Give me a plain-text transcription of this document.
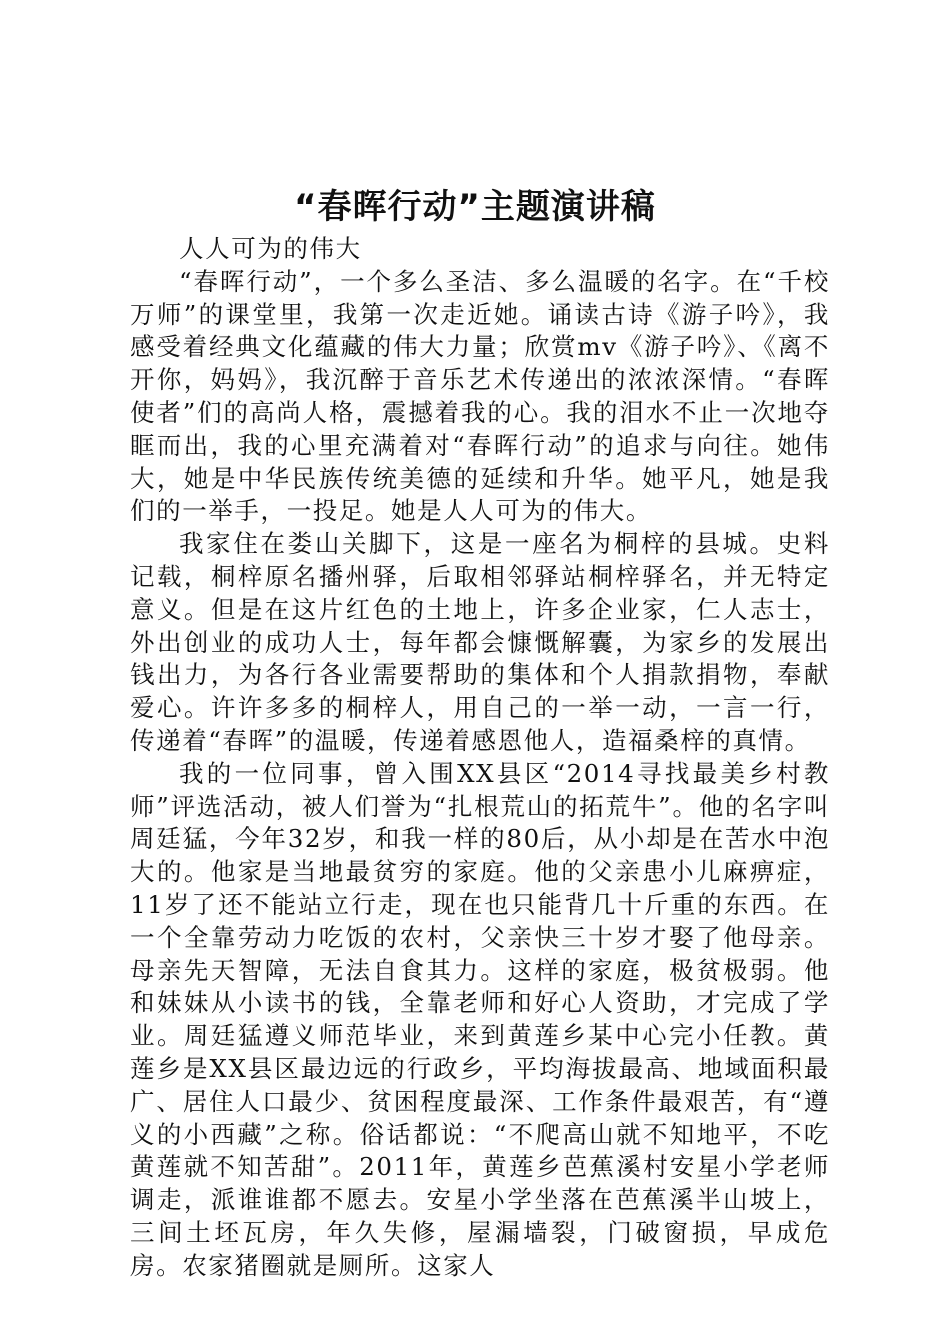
“春晖行动”主题演讲稿

人人可为的伟大

“春晖行动”，一个多么圣洁、多么温暖的名字。在“千校万师”的课堂里，我第一次走近她。诵读古诗《游子吟》，我感受着经典文化蕴藏的伟大力量；欣赏mv《游子吟》、《离不开你，妈妈》，我沉醉于音乐艺术传递出的浓浓深情。“春晖使者”们的高尚人格，震撼着我的心。我的泪水不止一次地夺眶而出，我的心里充满着对“春晖行动”的追求与向往。她伟大，她是中华民族传统美德的延续和升华。她平凡，她是我们的一举手，一投足。她是人人可为的伟大。

我家住在娄山关脚下，这是一座名为桐梓的县城。史料记载，桐梓原名播州驿，后取相邻驿站桐梓驿名，并无特定意义。但是在这片红色的土地上，许多企业家，仁人志士，外出创业的成功人士，每年都会慷慨解囊，为家乡的发展出钱出力，为各行各业需要帮助的集体和个人捐款捐物，奉献爱心。许许多多的桐梓人，用自己的一举一动，一言一行，传递着“春晖”的温暖，传递着感恩他人，造福桑梓的真情。

我的一位同事，曾入围XX县区“2014寻找最美乡村教师”评选活动，被人们誉为“扎根荒山的拓荒牛”。他的名字叫周廷猛，今年32岁，和我一样的80后，从小却是在苦水中泡大的。他家是当地最贫穷的家庭。他的父亲患小儿麻痹症，11岁了还不能站立行走，现在也只能背几十斤重的东西。在一个全靠劳动力吃饭的农村，父亲快三十岁才娶了他母亲。母亲先天智障，无法自食其力。这样的家庭，极贫极弱。他和妹妹从小读书的钱，全靠老师和好心人资助，才完成了学业。周廷猛遵义师范毕业，来到黄莲乡某中心完小任教。黄莲乡是XX县区最边远的行政乡，平均海拔最高、地域面积最广、居住人口最少、贫困程度最深、工作条件最艰苦，有“遵义的小西藏”之称。俗话都说：“不爬高山就不知地平，不吃黄莲就不知苦甜”。2011年，黄莲乡芭蕉溪村安星小学老师调走，派谁谁都不愿去。安星小学坐落在芭蕉溪半山坡上，三间土坯瓦房，年久失修，屋漏墙裂，门破窗损，早成危房。农家猪圈就是厕所。这家人
